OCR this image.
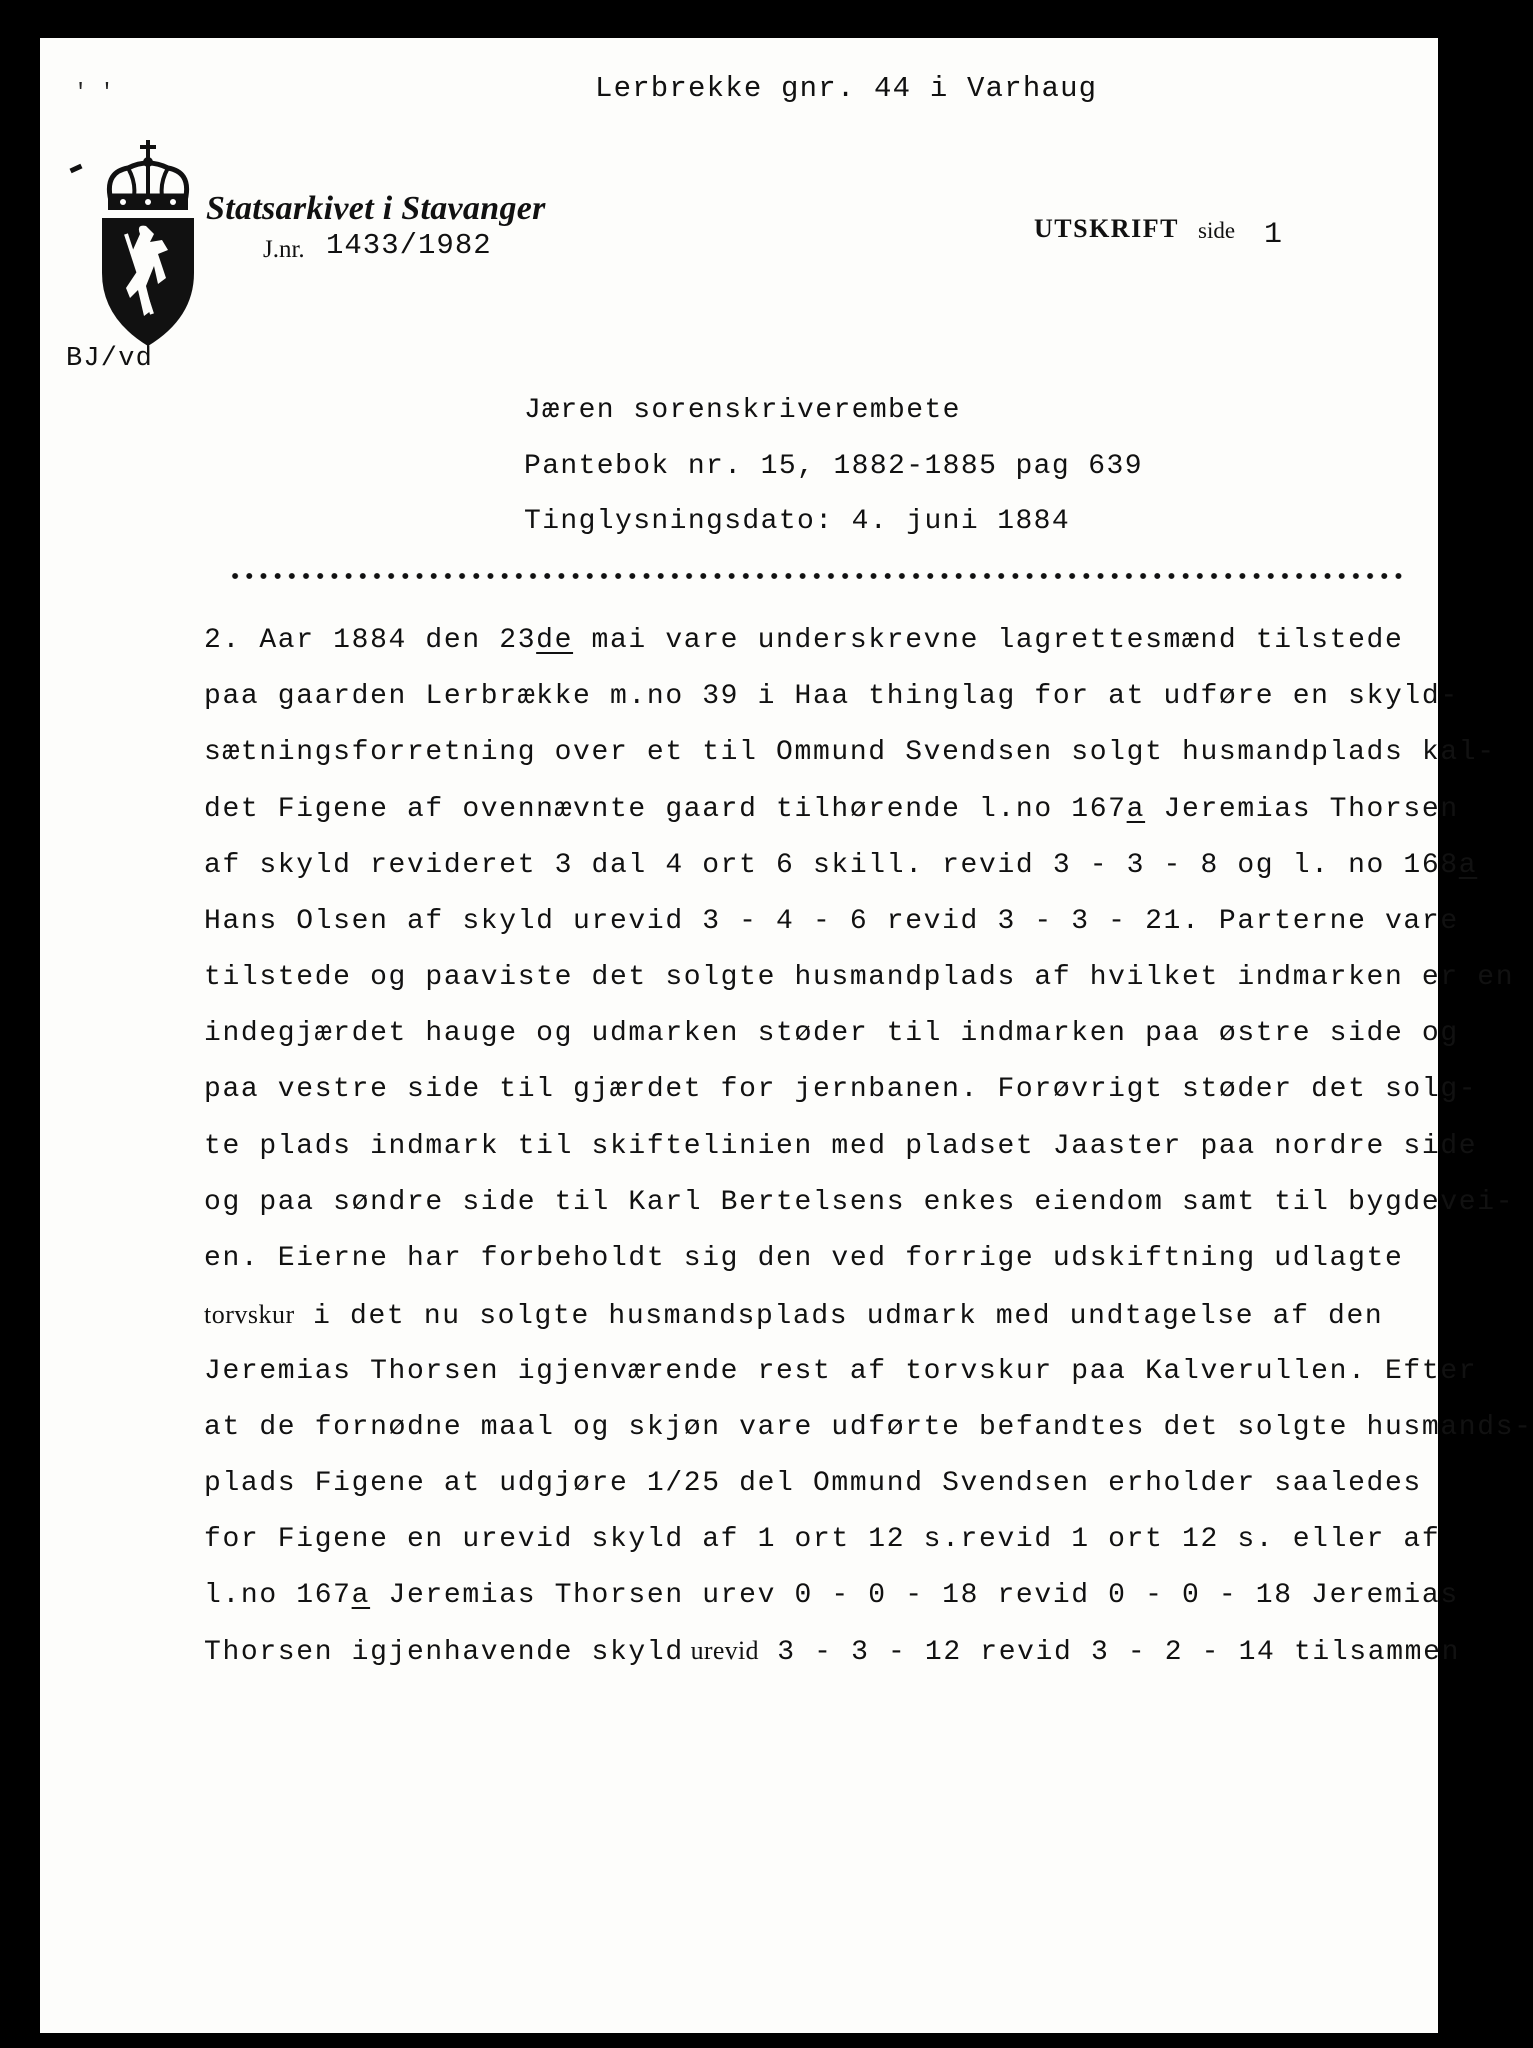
' '	Lerbrekke gnr. 44 i Varhaug
Statsarkivet i Stavanger
J.nr. 1433/1982
UTSKRIFT side 1
BJ/vd
Jæren sorenskriverembete
Pantebok nr. 15, 1882-1885 pag 639
Tinglysningsdato: 4. juni 1884
2. Aar 1884 den 23de mai vare underskrevne lagrettesmænd tilstede
paa gaarden Lerbrække m.no 39 i Haa thinglag for at udføre en skyld-
sætningsforretning over et til Ommund Svendsen solgt husmandplads kal-
det Figene af ovennævnte gaard tilhørende l.no 167a Jeremias Thorsen
af skyld revideret 3 dal 4 ort 6 skill. revid 3 - 3 - 8 og l. no 168a
Hans Olsen af skyld urevid 3 - 4 - 6 revid 3 - 3 - 21. Parterne vare
tilstede og paaviste det solgte husmandplads af hvilket indmarken er en
indegjærdet hauge og udmarken støder til indmarken paa østre side og
paa vestre side til gjærdet for jernbanen. Forøvrigt støder det solg-
te plads indmark til skiftelinien med pladset Jaaster paa nordre side
og paa søndre side til Karl Bertelsens enkes eiendom samt til bygdevei-
en. Eierne har forbeholdt sig den ved forrige udskiftning udlagte
torvskur i det nu solgte husmandsplads udmark med undtagelse af den
Jeremias Thorsen igjenværende rest af torvskur paa Kalverullen. Efter
at de fornødne maal og skjøn vare udførte befandtes det solgte husmands-
plads Figene at udgjøre 1/25 del Ommund Svendsen erholder saaledes
for Figene en urevid skyld af 1 ort 12 s.revid 1 ort 12 s. eller af
l.no 167a Jeremias Thorsen urev 0 - 0 - 18 revid 0 - 0 - 18 Jeremias
Thorsen igjenhavende skyld urevid 3 - 3 - 12 revid 3 - 2 - 14 tilsammen
